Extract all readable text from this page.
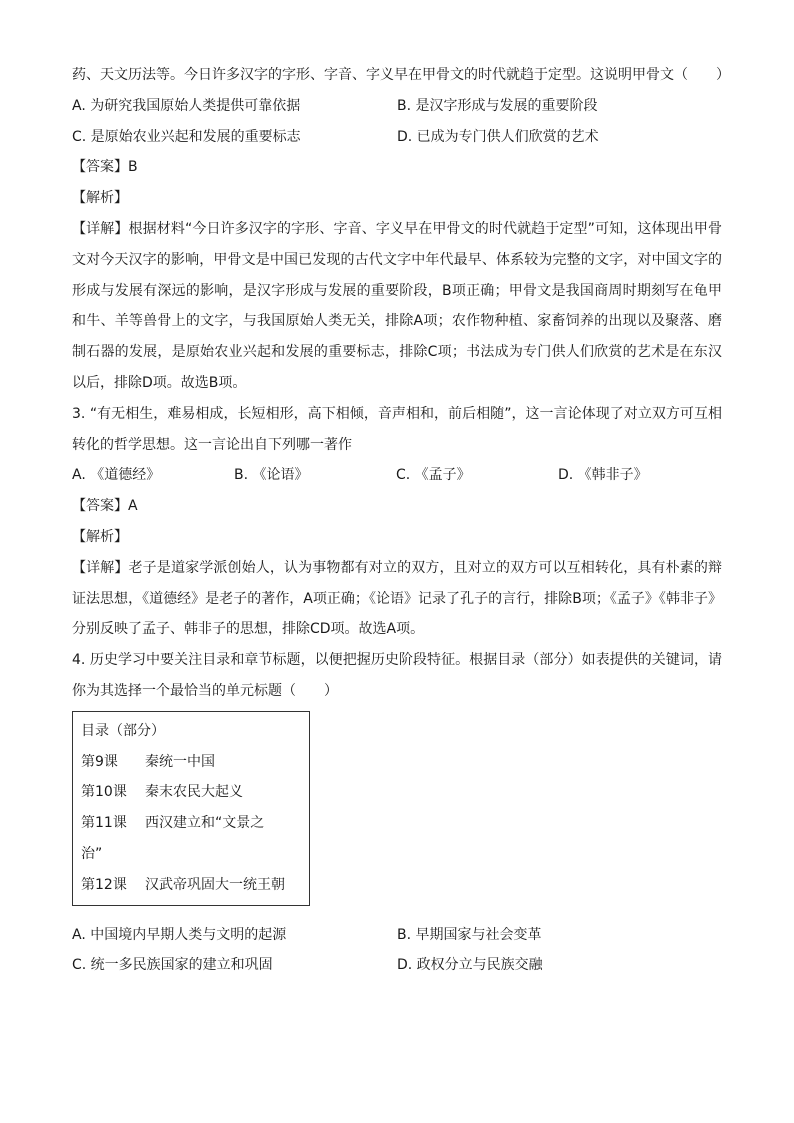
药、天文历法等。今日许多汉字的字形、字音、字义早在甲骨文的时代就趋于定型。这说明甲骨文（　　）

A. 为研究我国原始人类提供可靠依据	B. 是汉字形成与发展的重要阶段
C. 是原始农业兴起和发展的重要标志	D. 已成为专门供人们欣赏的艺术

【答案】B

【解析】

【详解】根据材料“今日许多汉字的字形、字音、字义早在甲骨文的时代就趋于定型”可知，这体现出甲骨文对今天汉字的影响，甲骨文是中国已发现的古代文字中年代最早、体系较为完整的文字，对中国文字的形成与发展有深远的影响，是汉字形成与发展的重要阶段，B项正确；甲骨文是我国商周时期刻写在龟甲和牛、羊等兽骨上的文字，与我国原始人类无关，排除A项；农作物种植、家畜饲养的出现以及聚落、磨制石器的发展，是原始农业兴起和发展的重要标志，排除C项；书法成为专门供人们欣赏的艺术是在东汉以后，排除D项。故选B项。

3. “有无相生，难易相成，长短相形，高下相倾，音声相和，前后相随”，这一言论体现了对立双方可互相转化的哲学思想。这一言论出自下列哪一著作

A. 《道德经》	B. 《论语》	C. 《孟子》	D. 《韩非子》

【答案】A

【解析】

【详解】老子是道家学派创始人，认为事物都有对立的双方，且对立的双方可以互相转化，具有朴素的辩证法思想，《道德经》是老子的著作，A项正确；《论语》记录了孔子的言行，排除B项；《孟子》《韩非子》分别反映了孟子、韩非子的思想，排除CD项。故选A项。

4. 历史学习中要关注目录和章节标题，以便把握历史阶段特征。根据目录（部分）如表提供的关键词，请你为其选择一个最恰当的单元标题（　　）

目录（部分）
第9课 秦统一中国
第10课 秦末农民大起义
第11课 西汉建立和“文景之
治”
第12课 汉武帝巩固大一统王朝
A. 中国境内早期人类与文明的起源	B. 早期国家与社会变革
C. 统一多民族国家的建立和巩固	D. 政权分立与民族交融
